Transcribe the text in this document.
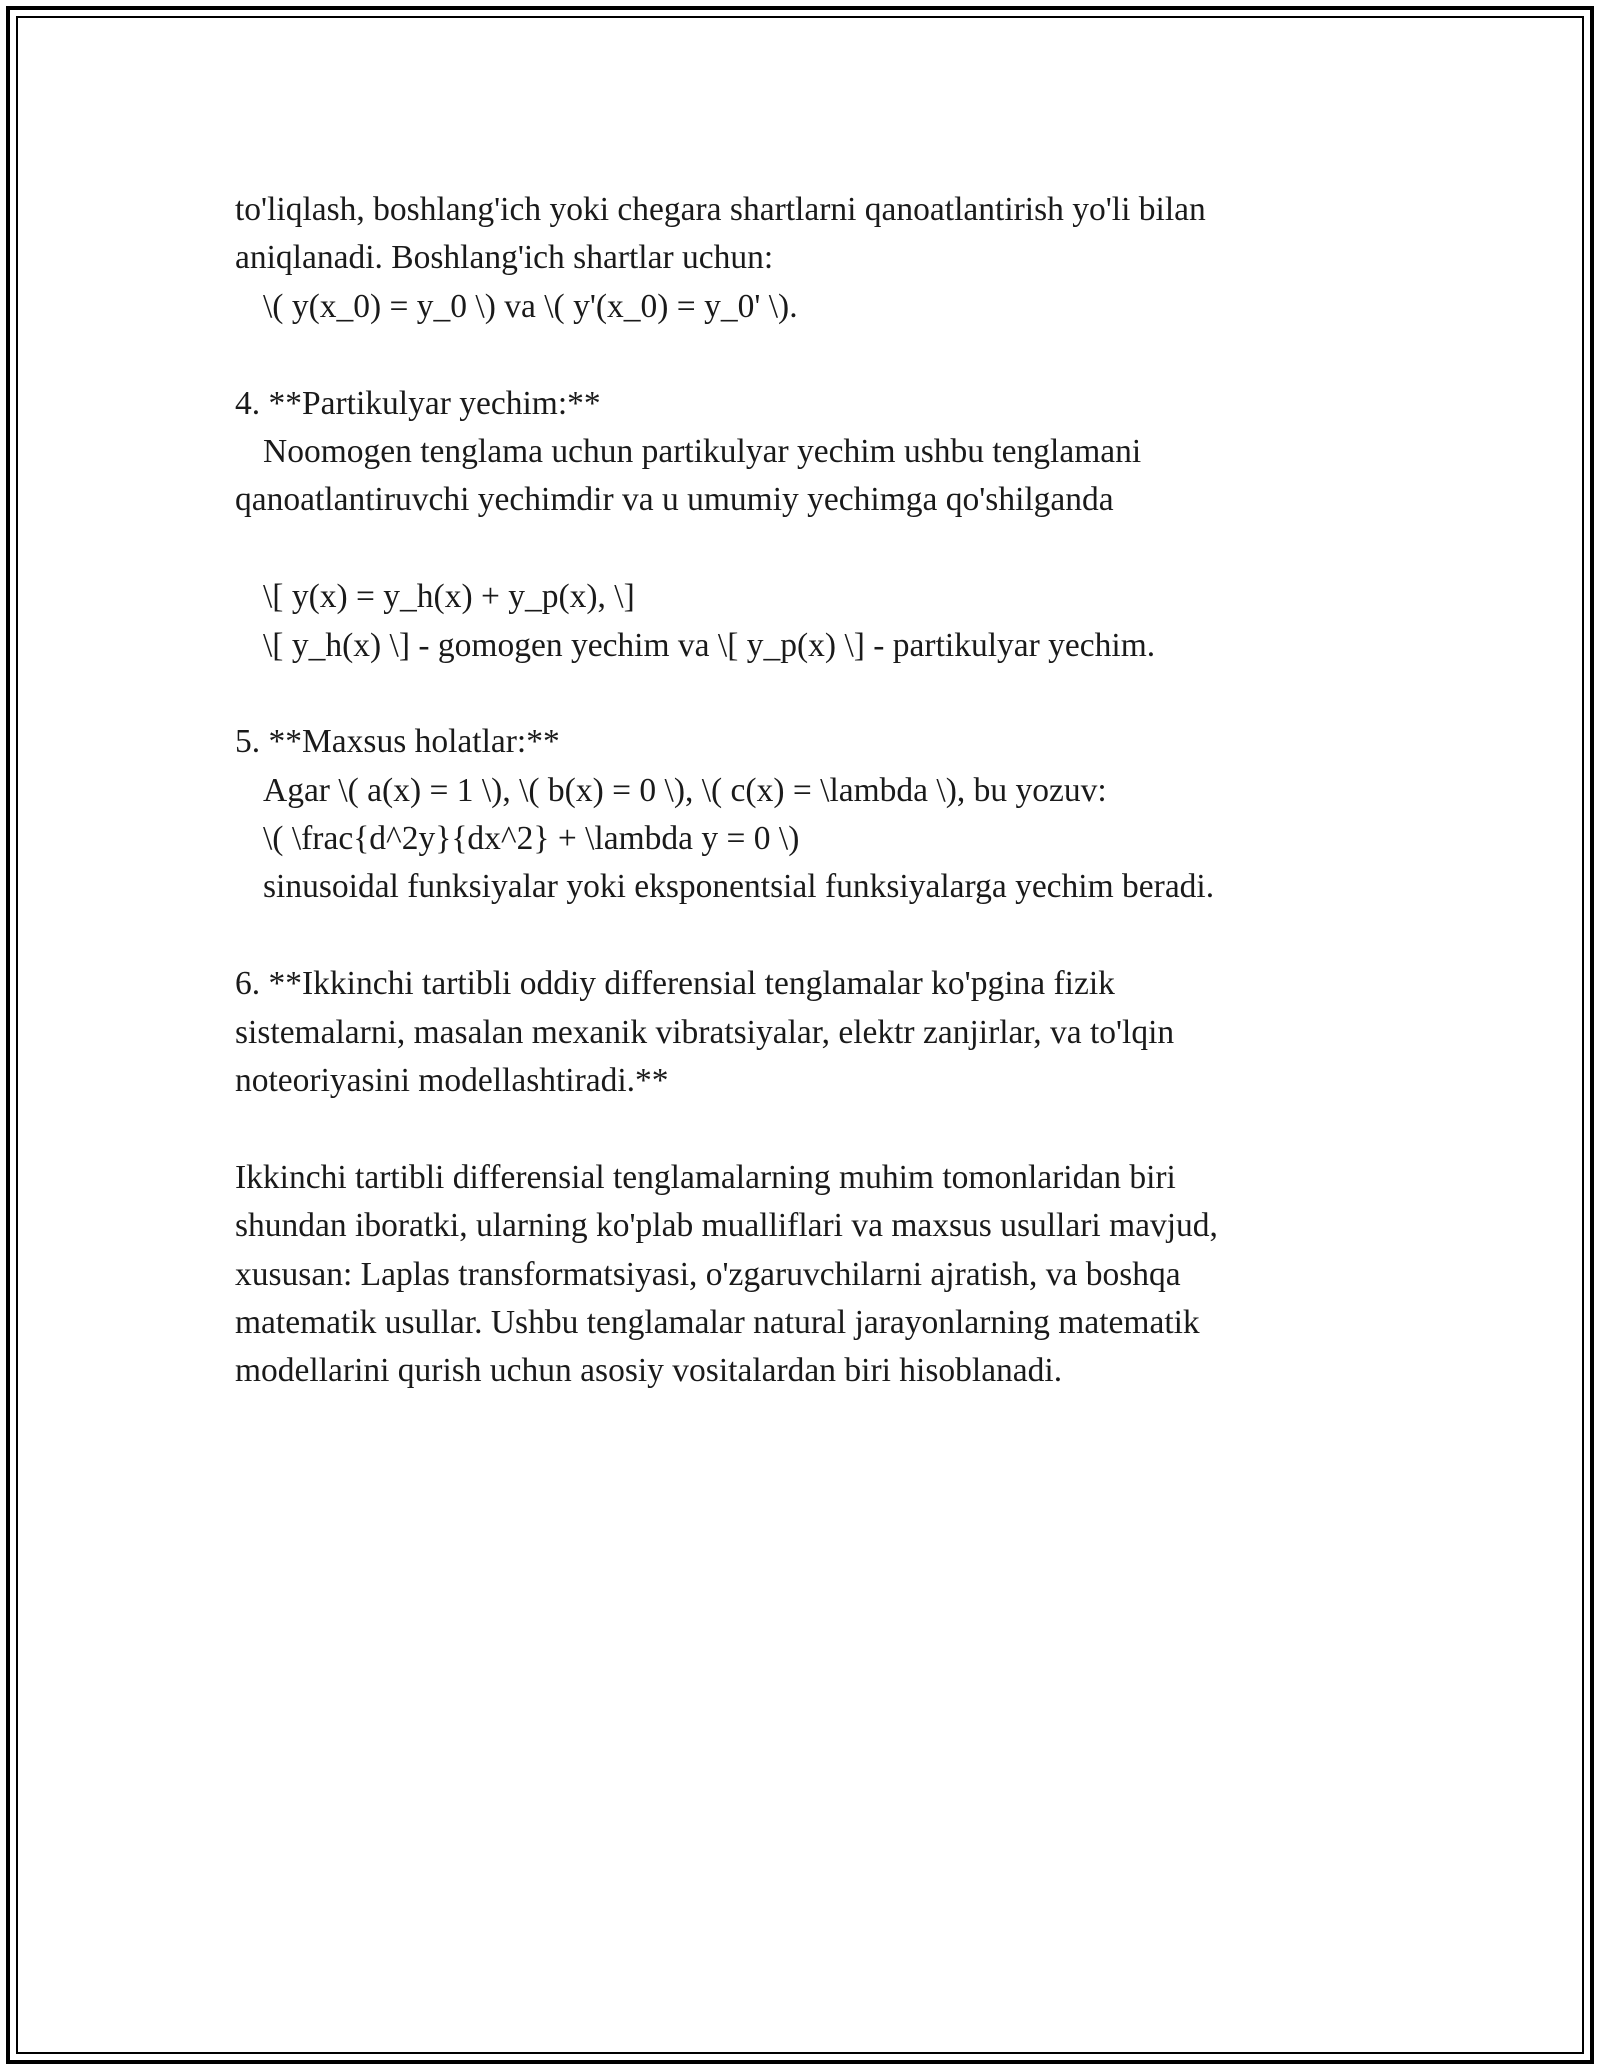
to'liqlash, boshlang'ich yoki chegara shartlarni qanoatlantirish yo'li bilan
aniqlanadi. Boshlang'ich shartlar uchun:
\( y(x_0) = y_0 \) va \( y'(x_0) = y_0' \).
4. **Partikulyar yechim:**
Noomogen tenglama uchun partikulyar yechim ushbu tenglamani
qanoatlantiruvchi yechimdir va u umumiy yechimga qo'shilganda
\[ y(x) = y_h(x) + y_p(x), \]
\[ y_h(x) \] - gomogen yechim va \[ y_p(x) \] - partikulyar yechim.
5. **Maxsus holatlar:**
Agar \( a(x) = 1 \), \( b(x) = 0 \), \( c(x) = \lambda \), bu yozuv:
\( \frac{d^2y}{dx^2} + \lambda y = 0 \)
sinusoidal funksiyalar yoki eksponentsial funksiyalarga yechim beradi.
6. **Ikkinchi tartibli oddiy differensial tenglamalar ko'pgina fizik
sistemalarni, masalan mexanik vibratsiyalar, elektr zanjirlar, va to'lqin
noteoriyasini modellashtiradi.**
Ikkinchi tartibli differensial tenglamalarning muhim tomonlaridan biri
shundan iboratki, ularning ko'plab mualliflari va maxsus usullari mavjud,
xususan: Laplas transformatsiyasi, o'zgaruvchilarni ajratish, va boshqa
matematik usullar. Ushbu tenglamalar natural jarayonlarning matematik
modellarini qurish uchun asosiy vositalardan biri hisoblanadi.
